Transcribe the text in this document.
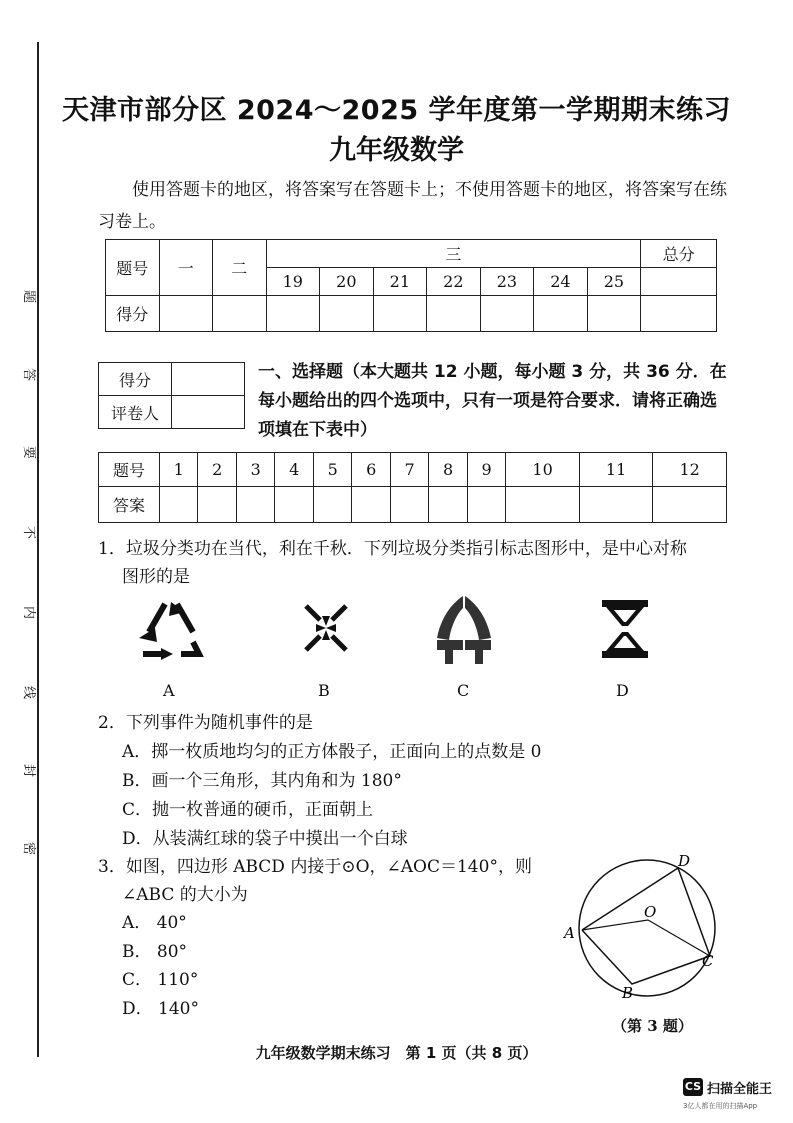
题
答
要
不
内
线
封
密
天津市部分区 2024～2025 学年度第一学期期末练习
九年级数学
使用答题卡的地区，将答案写在答题卡上；不使用答题卡的地区，将答案写在练习卷上。
题号	一	二	三							总分
			19	20	21	22	23	24	25	
得分										
得分	
评卷人	
一、选择题（本大题共 12 小题，每小题 3 分，共 36 分．在每小题给出的四个选项中，只有一项是符合要求．请将正确选项填在下表中）
题号	1	2	3	4	5	6	7	8	9	10	11	12
答案												
1．垃圾分类功在当代，利在千秋．下列垃圾分类指引标志图形中，是中心对称
图形的是
A	B	C	D
2．下列事件为随机事件的是
A．掷一枚质地均匀的正方体骰子，正面向上的点数是 0
B．画一个三角形，其内角和为 180°
C．抛一枚普通的硬币，正面朝上
D．从装满红球的袋子中摸出一个白球
3．如图，四边形 ABCD 内接于⊙O，∠AOC＝140°，则
∠ABC 的大小为
A． 40°
B． 80°
C． 110°
D． 140°
D
O
A
C
B
（第 3 题）
九年级数学期末练习　第 1 页（共 8 页）
CS 扫描全能王
3亿人都在用的扫描App
